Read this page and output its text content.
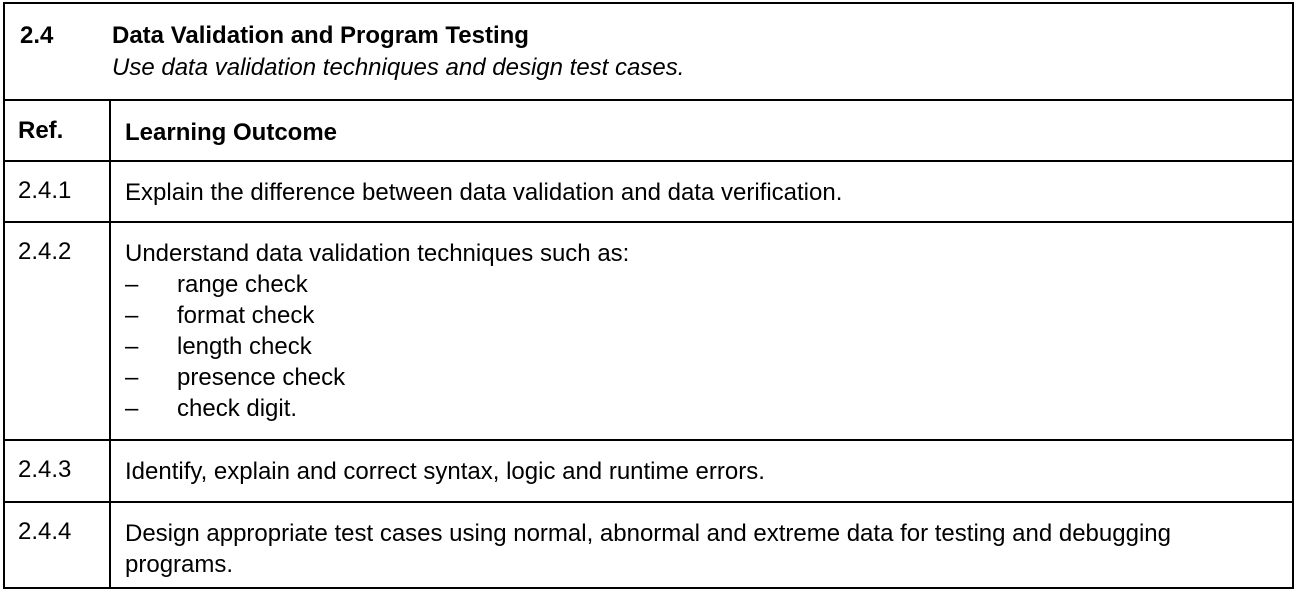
2.4 Data Validation and Program Testing
Use data validation techniques and design test cases.
Ref.	Learning Outcome
2.4.1 Explain the difference between data validation and data verification.
2.4.2 Understand data validation techniques such as:
– range check
– format check
– length check
– presence check
– check digit.
2.4.3 Identify, explain and correct syntax, logic and runtime errors.
2.4.4 Design appropriate test cases using normal, abnormal and extreme data for testing and debugging programs.
